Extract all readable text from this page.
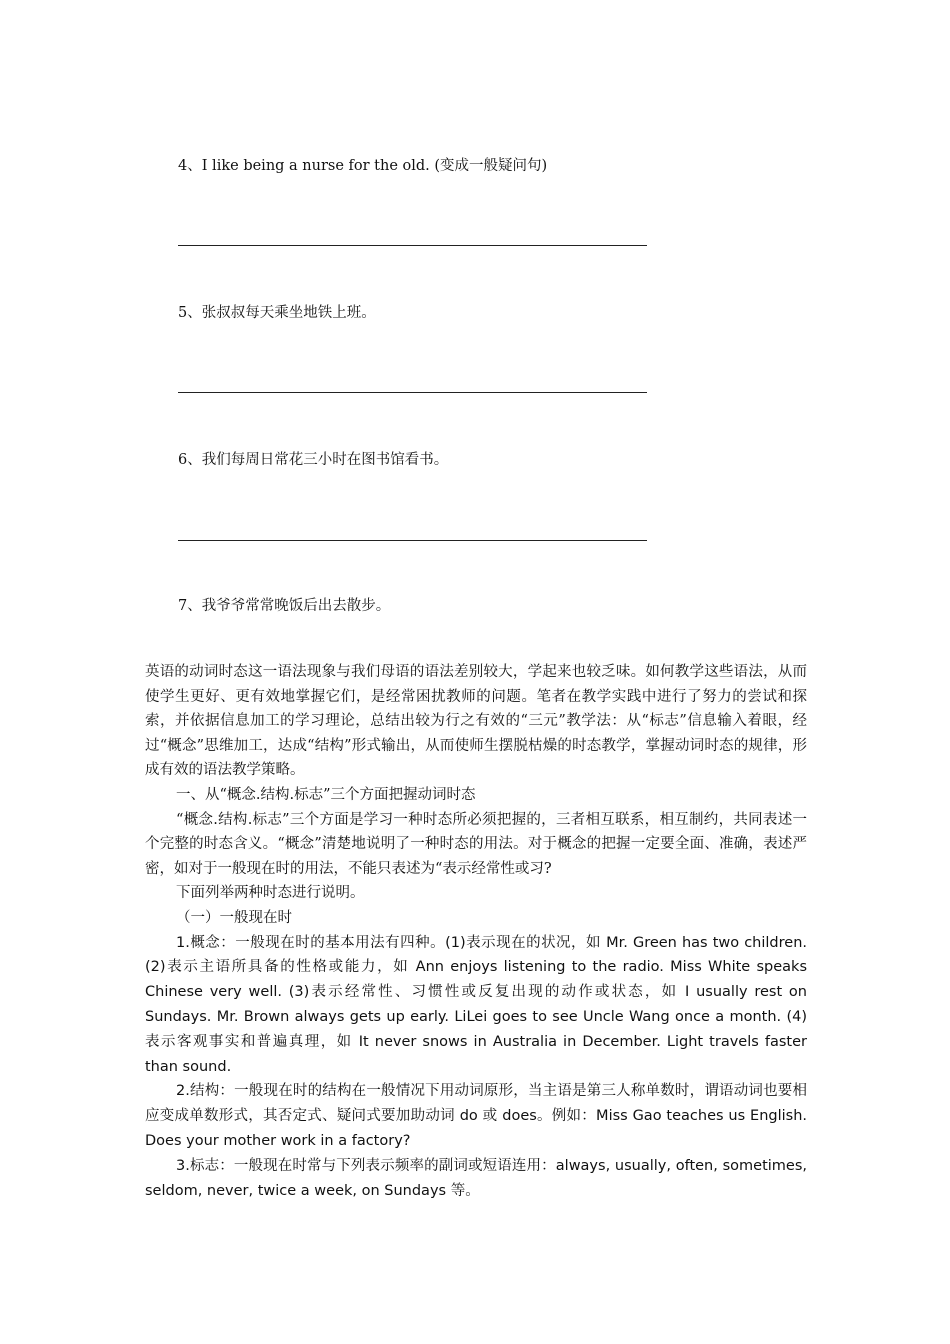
4、I like being a nurse for the old. (变成一般疑问句)
5、张叔叔每天乘坐地铁上班。
6、我们每周日常花三小时在图书馆看书。
7、我爷爷常常晚饭后出去散步。

英语的动词时态这一语法现象与我们母语的语法差别较大，学起来也较乏味。如何教学这些语法，从而使学生更好、更有效地掌握它们，是经常困扰教师的问题。笔者在教学实践中进行了努力的尝试和探索，并依据信息加工的学习理论，总结出较为行之有效的“三元”教学法：从“标志”信息输入着眼，经过“概念”思维加工，达成“结构”形式输出，从而使师生摆脱枯燥的时态教学，掌握动词时态的规律，形成有效的语法教学策略。

一、从“概念.结构.标志”三个方面把握动词时态

“概念.结构.标志”三个方面是学习一种时态所必须把握的，三者相互联系，相互制约，共同表述一个完整的时态含义。“概念”清楚地说明了一种时态的用法。对于概念的把握一定要全面、准确，表述严密，如对于一般现在时的用法，不能只表述为“表示经常性或习?

下面列举两种时态进行说明。

（一）一般现在时

1.概念：一般现在时的基本用法有四种。(1)表示现在的状况，如 Mr. Green has two children. (2)表示主语所具备的性格或能力，如 Ann enjoys listening to the radio. Miss White speaks Chinese very well. (3)表示经常性、习惯性或反复出现的动作或状态，如 I usually rest on Sundays. Mr. Brown always gets up early. LiLei goes to see Uncle Wang once a month. (4)表示客观事实和普遍真理，如 It never snows in Australia in December. Light travels faster than sound.

2.结构：一般现在时的结构在一般情况下用动词原形，当主语是第三人称单数时，谓语动词也要相应变成单数形式，其否定式、疑问式要加助动词 do 或 does。例如：Miss Gao teaches us English. Does your mother work in a factory?

3.标志：一般现在时常与下列表示频率的副词或短语连用：always, usually, often, sometimes, seldom, never, twice a week, on Sundays 等。
